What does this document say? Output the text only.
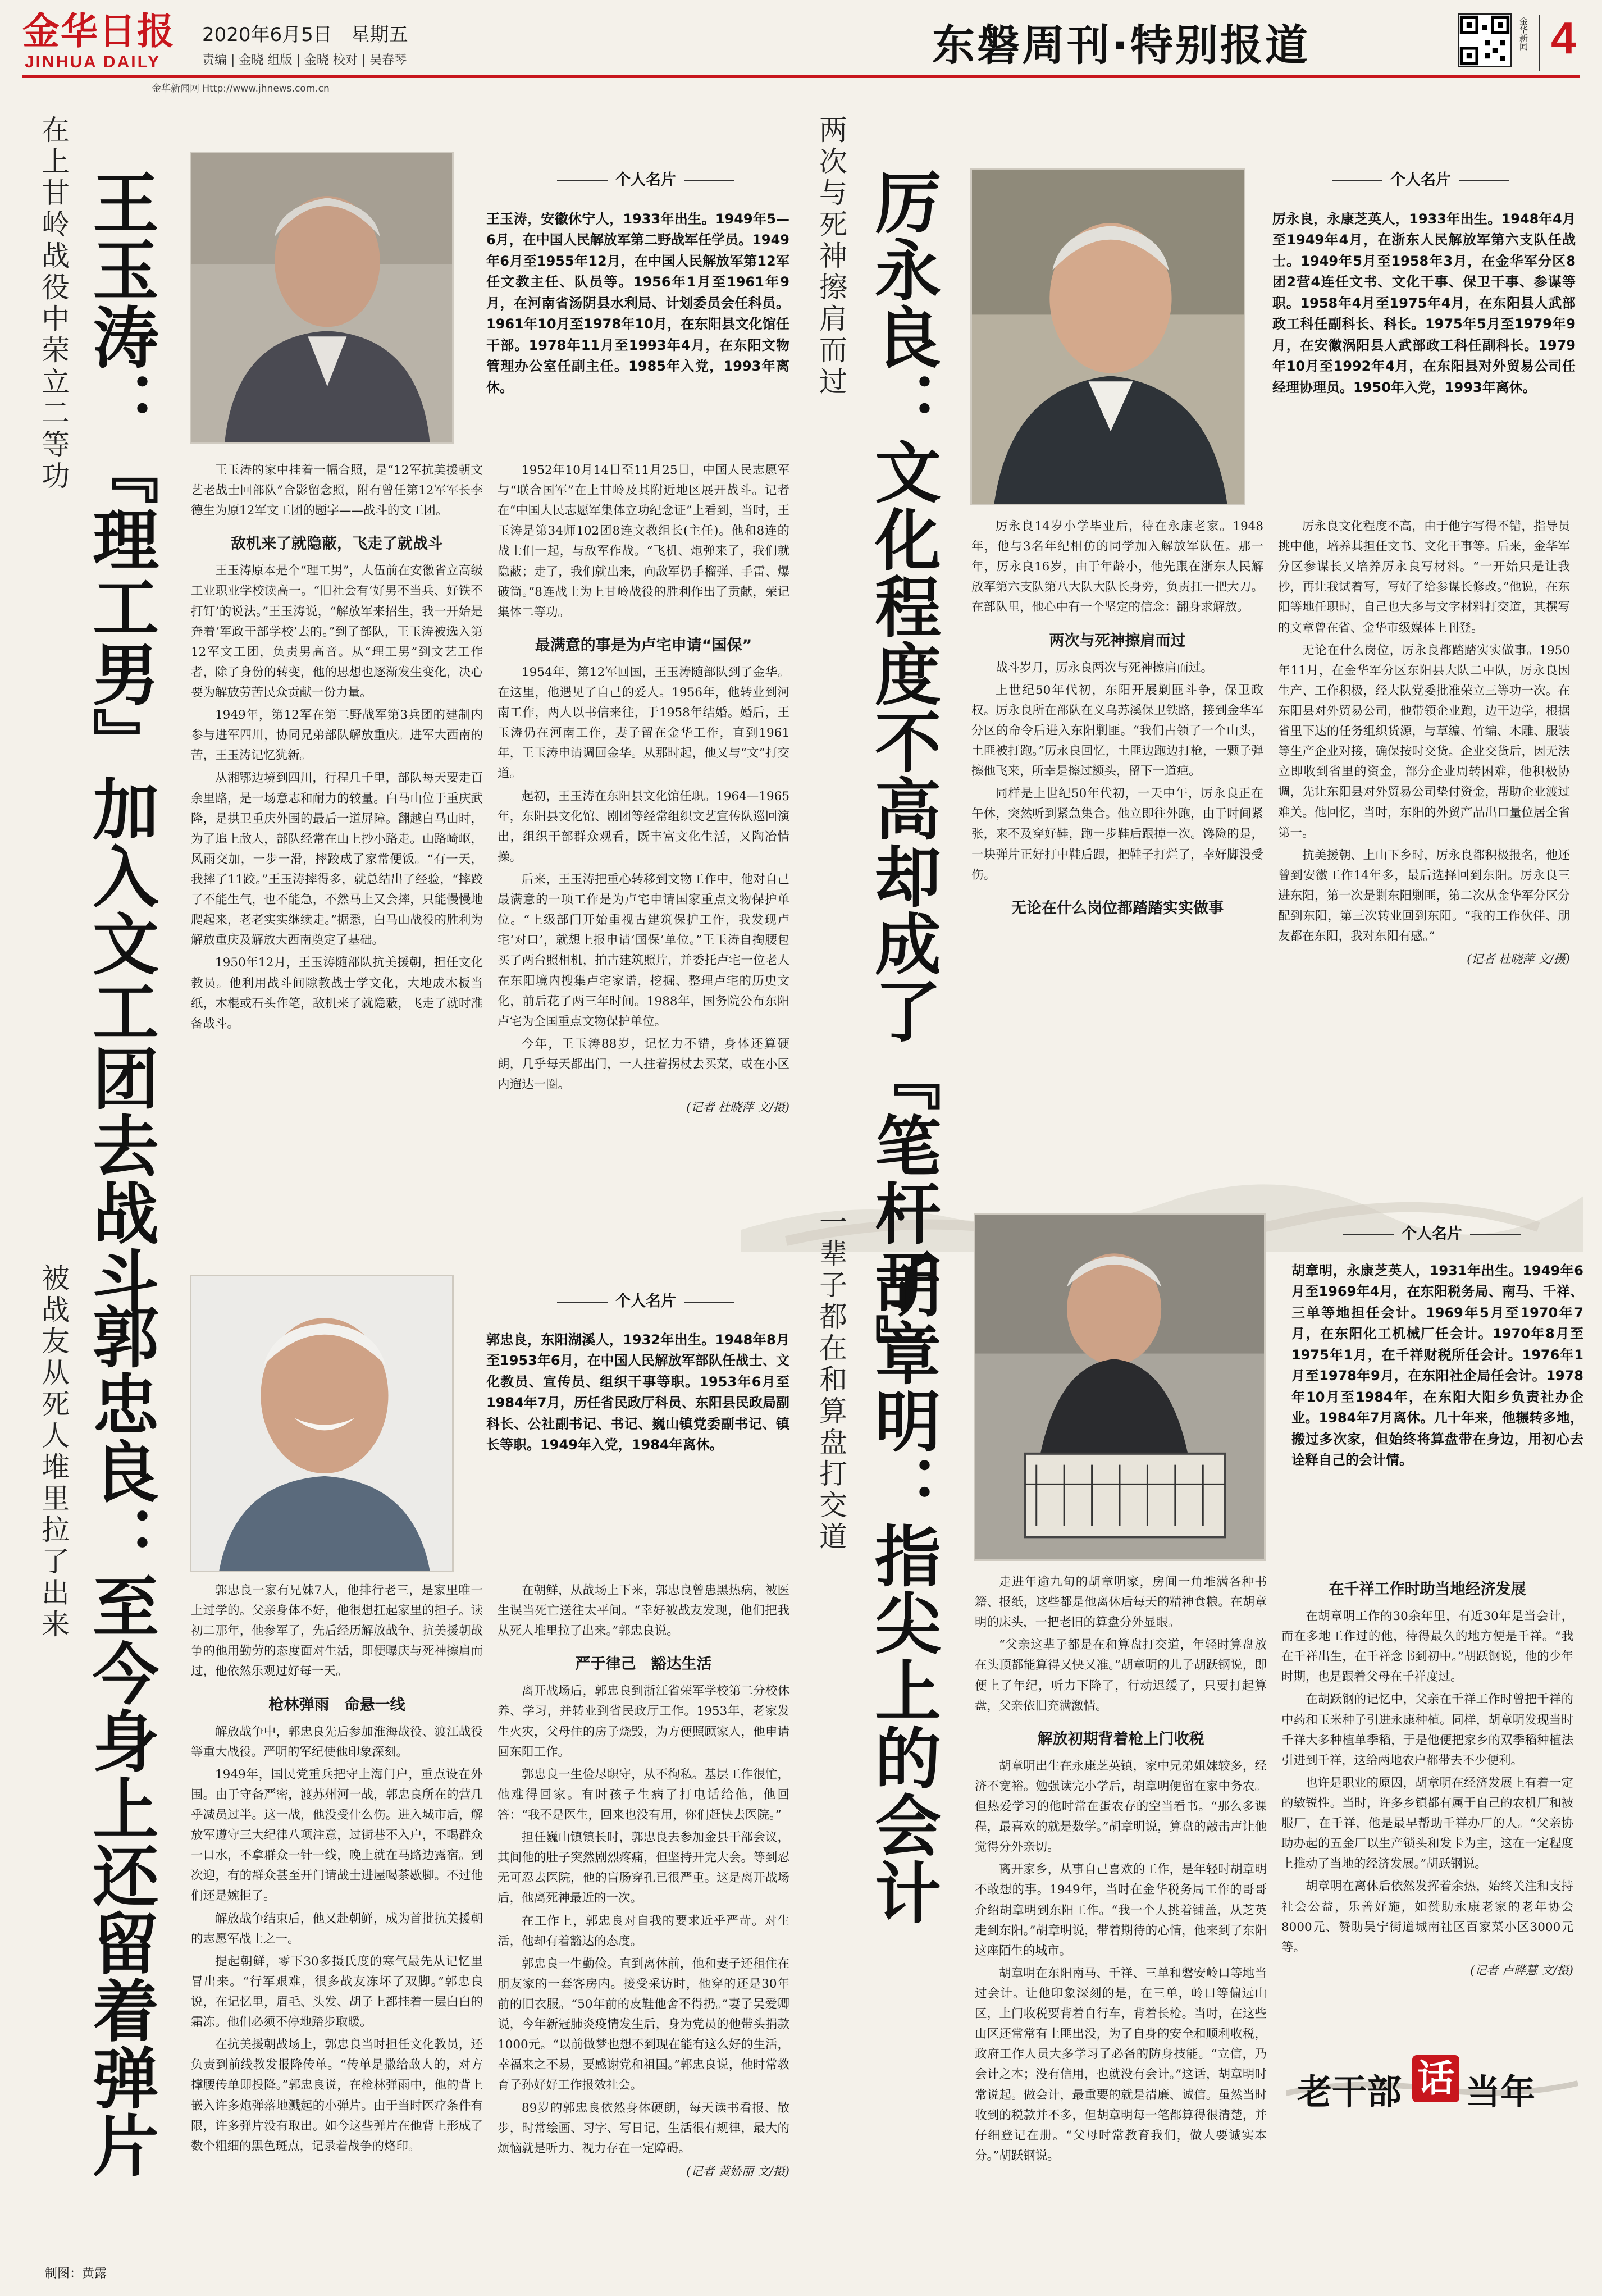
金华日报
JINHUA DAILY
2020年6月5日 星期五
责编 | 金晓 组版 | 金晓 校对 | 吴春琴
金华新闻网 Http://www.jhnews.com.cn
东磐周刊·特别报道	金华新闻 4
在上甘岭战役中荣立二等功 王玉涛：『理工男』加入文工团去战斗	个人名片
王玉涛，安徽休宁人，1933年出生。1949年5—6月，在中国人民解放军第二野战军任学员。1949年6月至1955年12月，在中国人民解放军第12军任文教主任、队员等。1956年1月至1961年9月，在河南省汤阴县水利局、计划委员会任科员。1961年10月至1978年10月，在东阳县文化馆任干部。1978年11月至1993年4月，在东阳文物管理办公室任副主任。1985年入党，1993年离休。

王玉涛的家中挂着一幅合照，是“12军抗美援朝文艺老战士回部队”合影留念照，附有曾任第12军军长李德生为原12军文工团的题字——战斗的文工团。

敌机来了就隐蔽，飞走了就战斗

王玉涛原本是个“理工男”，人伍前在安徽省立高级工业职业学校读高一。“旧社会有‘好男不当兵、好铁不打钉’的说法。”王玉涛说，“解放军来招生，我一开始是奔着‘军政干部学校’去的。”到了部队，王玉涛被选入第12军文工团，负责男高音。从“理工男”到文艺工作者，除了身份的转变，他的思想也逐渐发生变化，决心要为解放劳苦民众贡献一份力量。

1949年，第12军在第二野战军第3兵团的建制内参与进军四川，协同兄弟部队解放重庆。进军大西南的苦，王玉涛记忆犹新。

从湘鄂边境到四川，行程几千里，部队每天要走百余里路，是一场意志和耐力的较量。白马山位于重庆武隆，是拱卫重庆外围的最后一道屏障。翻越白马山时，为了追上敌人，部队经常在山上抄小路走。山路崎岖，风雨交加，一步一滑，摔跤成了家常便饭。“有一天，我摔了11跤。”王玉涛摔得多，就总结出了经验，“摔跤了不能生气，也不能急，不然马上又会摔，只能慢慢地爬起来，老老实实继续走。”据悉，白马山战役的胜利为解放重庆及解放大西南奠定了基础。

1950年12月，王玉涛随部队抗美援朝，担任文化教员。他利用战斗间隙教战士学文化，大地成木板当纸，木棍或石头作笔，敌机来了就隐蔽，飞走了就时准备战斗。

1952年10月14日至11月25日，中国人民志愿军与“联合国军”在上甘岭及其附近地区展开战斗。记者在“中国人民志愿军集体立功纪念证”上看到，当时，王玉涛是第34师102团8连文教组长(主任)。他和8连的战士们一起，与敌军作战。“飞机、炮弹来了，我们就隐蔽；走了，我们就出来，向敌军扔手榴弹、手雷、爆破筒。”8连战士为上甘岭战役的胜利作出了贡献，荣记集体二等功。

最满意的事是为卢宅申请“国保”

1954年，第12军回国，王玉涛随部队到了金华。在这里，他遇见了自己的爱人。1956年，他转业到河南工作，两人以书信来往，于1958年结婚。婚后，王玉涛仍在河南工作，妻子留在金华工作，直到1961年，王玉涛申请调回金华。从那时起，他又与“文”打交道。

起初，王玉涛在东阳县文化馆任职。1964—1965年，东阳县文化馆、剧团等经常组织文艺宣传队巡回演出，组织干部群众观看，既丰富文化生活，又陶冶情操。

后来，王玉涛把重心转移到文物工作中，他对自己最满意的一项工作是为卢宅申请国家重点文物保护单位。“上级部门开始重视古建筑保护工作，我发现卢宅‘对口’，就想上报申请‘国保’单位。”王玉涛自掏腰包买了两台照相机，拍古建筑照片，并委托卢宅一位老人在东阳境内搜集卢宅家谱，挖掘、整理卢宅的历史文化，前后花了两三年时间。1988年，国务院公布东阳卢宅为全国重点文物保护单位。

今年，王玉涛88岁，记忆力不错，身体还算硬朗，几乎每天都出门，一人拄着拐杖去买菜，或在小区内遛达一圈。

(记者 杜晓萍 文/摄)
两次与死神擦肩而过 厉永良：文化程度不高却成了『笔杆子』	个人名片
厉永良，永康芝英人，1933年出生。1948年4月至1949年4月，在浙东人民解放军第六支队任战士。1949年5月至1958年3月，在金华军分区8团2营4连任文书、文化干事、保卫干事、参谋等职。1958年4月至1975年4月，在东阳县人武部政工科任副科长、科长。1975年5月至1979年9月，在安徽涡阳县人武部政工科任副科长。1979年10月至1992年4月，在东阳县对外贸易公司任经理协理员。1950年入党，1993年离休。

厉永良14岁小学毕业后，待在永康老家。1948年，他与3名年纪相仿的同学加入解放军队伍。那一年，厉永良16岁，由于年龄小，他先跟在浙东人民解放军第六支队第八大队大队长身旁，负责扛一把大刀。在部队里，他心中有一个坚定的信念：翻身求解放。

两次与死神擦肩而过

战斗岁月，厉永良两次与死神擦肩而过。

上世纪50年代初，东阳开展剿匪斗争，保卫政权。厉永良所在部队在义乌苏溪保卫铁路，接到金华军分区的命令后进入东阳剿匪。“我们占领了一个山头，土匪被打跑。”厉永良回忆，土匪边跑边打枪，一颗子弹擦他飞来，所幸是擦过额头，留下一道疤。

同样是上世纪50年代初，一天中午，厉永良正在午休，突然听到紧急集合。他立即往外跑，由于时间紧张，来不及穿好鞋，跑一步鞋后跟掉一次。馋险的是，一块弹片正好打中鞋后跟，把鞋子打烂了，幸好脚没受伤。

无论在什么岗位都踏踏实实做事

厉永良文化程度不高，由于他字写得不错，指导员挑中他，培养其担任文书、文化干事等。后来，金华军分区参谋长又培养厉永良写材料。“一开始只是让我抄，再让我试着写，写好了给参谋长修改。”他说，在东阳等地任职时，自己也大多与文字材料打交道，其撰写的文章曾在省、金华市级媒体上刊登。

无论在什么岗位，厉永良都踏踏实实做事。1950年11月，在金华军分区东阳县大队二中队，厉永良因生产、工作积极，经大队党委批准荣立三等功一次。在东阳县对外贸易公司，他带领企业跑，边干边学，根据省里下达的任务组织货源，与草编、竹编、木雕、服装等生产企业对接，确保按时交货。企业交货后，因无法立即收到省里的资金，部分企业周转困难，他积极协调，先让东阳县对外贸易公司垫付资金，帮助企业渡过难关。他回忆，当时，东阳的外贸产品出口量位居全省第一。

抗美援朝、上山下乡时，厉永良都积极报名，他还曾到安徽工作14年多，最后选择回到东阳。厉永良三进东阳，第一次是剿东阳剿匪，第二次从金华军分区分配到东阳，第三次转业回到东阳。“我的工作伙伴、朋友都在东阳，我对东阳有感。”

(记者 杜晓萍 文/摄)
被战友从死人堆里拉了出来 郭忠良：至今身上还留着弹片
个人名片
郭忠良，东阳湖溪人，1932年出生。1948年8月至1953年6月，在中国人民解放军部队任战士、文化教员、宣传员、组织干事等职。1953年6月至1984年7月，历任省民政厅科员、东阳县民政局副科长、公社副书记、书记、巍山镇党委副书记、镇长等职。1949年入党，1984年离休。

郭忠良一家有兄妹7人，他排行老三，是家里唯一上过学的。父亲身体不好，他很想扛起家里的担子。读初二那年，他参军了，先后经历解放战争、抗美援朝战争的他用勤劳的态度面对生活，即便曝庆与死神擦肩而过，他依然乐观过好每一天。

枪林弹雨　命悬一线

解放战争中，郭忠良先后参加淮海战役、渡江战役等重大战役。严明的军纪使他印象深刻。

1949年，国民党重兵把守上海门户，重点设在外围。由于守备严密，渡苏州河一战，郭忠良所在的营几乎减员过半。这一战，他没受什么伤。进入城市后，解放军遵守三大纪律八项注意，过街巷不入户，不喝群众一口水，不拿群众一针一线，晚上就在马路边露宿。到次迎，有的群众甚至开门请战士进屋喝茶歇脚。不过他们还是婉拒了。

解放战争结束后，他又赴朝鲜，成为首批抗美援朝的志愿军战士之一。

提起朝鲜，零下30多摄氏度的寒气最先从记忆里冒出来。“行军艰难，很多战友冻坏了双脚。”郭忠良说，在记忆里，眉毛、头发、胡子上都挂着一层白白的霜冻。他们必须不停地踏步取暖。

在抗美援朝战场上，郭忠良当时担任文化教员，还负责到前线教发报降传单。“传单是撒给敌人的，对方撑腰传单即投降。”郭忠良说，在枪林弹雨中，他的背上嵌入许多炮弹落地溅起的小弹片。由于当时医疗条件有限，许多弹片没有取出。如今这些弹片在他背上形成了数个粗细的黑色斑点，记录着战争的烙印。

在朝鲜，从战场上下来，郭忠良曾患黑热病，被医生误当死亡送往太平间。“幸好被战友发现，他们把我从死人堆里拉了出来。”郭忠良说。

严于律己　豁达生活

离开战场后，郭忠良到浙江省荣军学校第二分校休养、学习，并转业到省民政厅工作。1953年，老家发生火灾，父母住的房子烧毁，为方便照顾家人，他申请回东阳工作。

郭忠良一生俭尽职守，从不徇私。基层工作很忙，他难得回家。有时孩子生病了打电话给他，他回答：“我不是医生，回来也没有用，你们赶快去医院。”

担任巍山镇镇长时，郭忠良去参加金县干部会议，其间他的肚子突然剧烈疼痛，但坚持开完大会。等到忍无可忍去医院，他的盲肠穿孔已很严重。这是离开战场后，他离死神最近的一次。

在工作上，郭忠良对自我的要求近乎严苛。对生活，他却有着豁达的态度。

郭忠良一生勤俭。直到离休前，他和妻子还租住在朋友家的一套客房内。接受采访时，他穿的还是30年前的旧衣服。“50年前的皮鞋他舍不得扔。”妻子吴爱卿说，今年新冠肺炎疫情发生后，身为党员的他带头捐款1000元。“以前做梦也想不到现在能有这么好的生活，幸福来之不易，要感谢党和祖国。”郭忠良说，他时常教育子孙好好工作报效社会。

89岁的郭忠良依然身体硬朗，每天读书看报、散步，时常绘画、习字、写日记，生活很有规律，最大的烦恼就是听力、视力存在一定障碍。

(记者 黄娇丽 文/摄)
一辈子都在和算盘打交道 胡章明：指尖上的会计
个人名片
胡章明，永康芝英人，1931年出生。1949年6月至1969年4月，在东阳税务局、南马、千祥、三单等地担任会计。1969年5月至1970年7月，在东阳化工机械厂任会计。1970年8月至1975年1月，在千祥财税所任会计。1976年1月至1978年9月，在东阳社企局任会计。1978年10月至1984年，在东阳大阳乡负责社办企业。1984年7月离休。几十年来，他辗转多地，搬过多次家，但始终将算盘带在身边，用初心去诠释自己的会计情。

走进年逾九旬的胡章明家，房间一角堆满各种书籍、报纸，这些都是他离休后每天的精神食粮。在胡章明的床头，一把老旧的算盘分外显眼。

“父亲这辈子都是在和算盘打交道，年轻时算盘放在头顶都能算得又快又准。”胡章明的儿子胡跃钢说，即便上了年纪，听力下降了，行动迟缓了，只要打起算盘，父亲依旧充满激情。

解放初期背着枪上门收税

胡章明出生在永康芝英镇，家中兄弟姐妹较多，经济不宽裕。勉强读完小学后，胡章明便留在家中务农。但热爱学习的他时常在蛋农存的空当看书。“那么多课程，最喜欢的就是数学。”胡章明说，算盘的敲击声让他觉得分外亲切。

离开家乡，从事自己喜欢的工作，是年轻时胡章明不敢想的事。1949年，当时在金华税务局工作的哥哥介绍胡章明到东阳工作。“我一个人挑着铺盖，从芝英走到东阳。”胡章明说，带着期待的心情，他来到了东阳这座陌生的城市。

胡章明在东阳南马、千祥、三单和磐安岭口等地当过会计。让他印象深刻的是，在三单，岭口等偏远山区，上门收税要背着自行车，背着长枪。当时，在这些山区还常常有土匪出没，为了自身的安全和顺利收税，政府工作人员大多学习了必备的防身技能。“立信，乃会计之本；没有信用，也就没有会计。”这话，胡章明时常说起。做会计，最重要的就是清廉、诚信。虽然当时收到的税款并不多，但胡章明每一笔都算得很清楚，并仔细登记在册。“父母时常教育我们，做人要诚实本分。”胡跃钢说。

在千祥工作时助当地经济发展

在胡章明工作的30余年里，有近30年是当会计，而在多地工作过的他，待得最久的地方便是千祥。“我在千祥出生，在千祥念书到初中。”胡跃钢说，他的少年时期，也是跟着父母在千祥度过。

在胡跃钢的记忆中，父亲在千祥工作时曾把千祥的中药和玉米种子引进永康种植。同样，胡章明发现当时千祥大多种植单季稻，于是他便把家乡的双季稻种植法引进到千祥，这给两地农户都带去不少便利。

也许是职业的原因，胡章明在经济发展上有着一定的敏锐性。当时，许多乡镇都有属于自己的农机厂和被服厂，在千祥，他是最早帮助千祥办厂的人。“父亲协助办起的五金厂以生产锁头和发卡为主，这在一定程度上推动了当地的经济发展。”胡跃钢说。

胡章明在离休后依然发挥着余热，始终关注和支持社会公益，乐善好施，如赞助永康老家的老年协会8000元、赞助吴宁街道城南社区百家菜小区3000元等。

(记者 卢晔慧 文/摄)
老干部 话 当年
制图：黄露
